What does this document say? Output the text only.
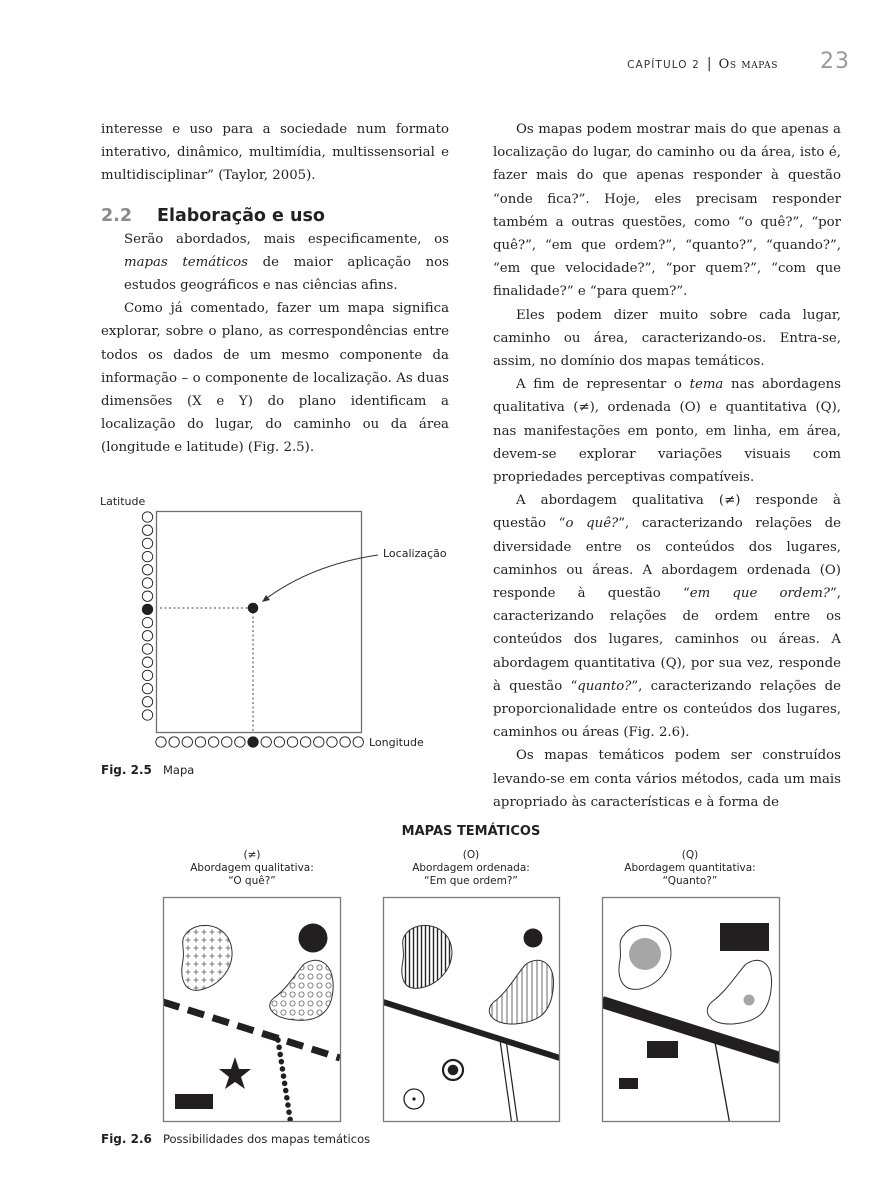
CAPÍTULO 2 | Os mapas 23

interesse e uso para a sociedade num formato interativo, dinâmico, multimídia, multissensorial e multidisciplinar” (Taylor, 2005).

2.2	Elaboração e uso

Serão abordados, mais especificamente, os mapas temáticos de maior aplicação nos estudos geográficos e nas ciências afins.

Como já comentado, fazer um mapa significa explorar, sobre o plano, as correspondências entre todos os dados de um mesmo componente da informação – o componente de localização. As duas dimensões (X e Y) do plano identificam a localização do lugar, do caminho ou da área (longitude e latitude) (Fig. 2.5).

Os mapas podem mostrar mais do que apenas a localização do lugar, do caminho ou da área, isto é, fazer mais do que apenas responder à questão “onde fica?”. Hoje, eles precisam responder também a outras questões, como “o quê?”, “por quê?”, “em que ordem?”, “quanto?”, “quando?”, “em que velocidade?”, “por quem?”, “com que finalidade?” e “para quem?”.

Eles podem dizer muito sobre cada lugar, caminho ou área, caracterizando-os. Entra-se, assim, no domínio dos mapas temáticos.

A fim de representar o tema nas abordagens qualitativa (≠), ordenada (O) e quantitativa (Q), nas manifestações em ponto, em linha, em área, devem-se explorar variações visuais com propriedades perceptivas compatíveis.

A abordagem qualitativa (≠) responde à questão “o quê?”, caracterizando relações de diversidade entre os conteúdos dos lugares, caminhos ou áreas. A abordagem ordenada (O) responde à questão “em que ordem?”, caracterizando relações de ordem entre os conteúdos dos lugares, caminhos ou áreas. A abordagem quantitativa (Q), por sua vez, responde à questão “quanto?”, caracterizando relações de proporcionalidade entre os conteúdos dos lugares, caminhos ou áreas (Fig. 2.6).

Os mapas temáticos podem ser construídos levando-se em conta vários métodos, cada um mais apropriado às características e à forma de

Latitude
Localização
Longitude
Fig. 2.5 Mapa
MAPAS TEMÁTICOS
(≠)
Abordagem qualitativa:
“O quê?”
(O)
Abordagem ordenada:
“Em que ordem?”
(Q)
Abordagem quantitativa:
“Quanto?”
Fig. 2.6 Possibilidades dos mapas temáticos
